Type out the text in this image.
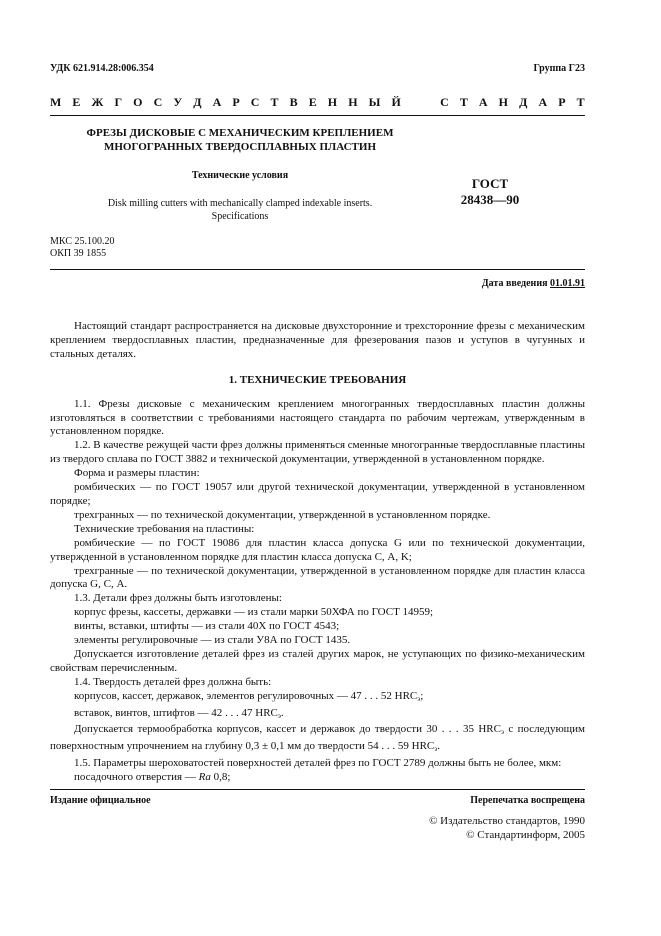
УДК 621.914.28:006.354	Группа Г23
М Е Ж Г О С У Д А Р С Т В Е Н Н Ы Й

	С Т А Н Д А Р Т
ФРЕЗЫ ДИСКОВЫЕ С МЕХАНИЧЕСКИМ КРЕПЛЕНИЕМ
МНОГОГРАННЫХ ТВЕРДОСПЛАВНЫХ ПЛАСТИН
Технические условия
Disk milling cutters with mechanically clamped indexable inserts.
Specifications
ГОСТ
28438—90
МКС 25.100.20
ОКП 39 1855
Дата введения 01.01.91

Настоящий стандарт распространяется на дисковые двухсторонние и трехсторонние фрезы с механическим креплением твердосплавных пластин, предназначенные для фрезерования пазов и уступов в чугунных и стальных деталях.

1. ТЕХНИЧЕСКИЕ ТРЕБОВАНИЯ

1.1. Фрезы дисковые с механическим креплением многогранных твердосплавных пластин должны изготовляться в соответствии с требованиями настоящего стандарта по рабочим чертежам, утвержденным в установленном порядке.

1.2. В качестве режущей части фрез должны применяться сменные многогранные твердосплавные пластины из твердого сплава по ГОСТ 3882 и технической документации, утвержденной в установленном порядке.

Форма и размеры пластин:

ромбических — по ГОСТ 19057 или другой технической документации, утвержденной в установленном порядке;

трехгранных — по технической документации, утвержденной в установленном порядке.

Технические требования на пластины:

ромбические — по ГОСТ 19086 для пластин класса допуска G или по технической документации, утвержденной в установленном порядке для пластин класса допуска С, А, K;

трехгранные — по технической документации, утвержденной в установленном порядке для пластин класса допуска G, С, А.

1.3. Детали фрез должны быть изготовлены:

корпус фрезы, кассеты, державки — из стали марки 50ХФА по ГОСТ 14959;

винты, вставки, штифты — из стали 40Х по ГОСТ 4543;

элементы регулировочные — из стали У8А по ГОСТ 1435.

Допускается изготовление деталей фрез из сталей других марок, не уступающих по физико-механическим свойствам перечисленным.

1.4. Твердость деталей фрез должна быть:

корпусов, кассет, державок, элементов регулировочных — 47 . . . 52 $HRC_э$;

вставок, винтов, штифтов — 42 . . . 47 $HRC_э$.

Допускается термообработка корпусов, кассет и державок до твердости 30 . . . 35 $HRC_э$ с последующим поверхностным упрочнением на глубину 0,3 ± 0,1 мм до твердости 54 . . . 59 $HRC_э$.

1.5. Параметры шероховатостей поверхностей деталей фрез по ГОСТ 2789 должны быть не более, мкм:

посадочного отверстия — Ra 0,8;

Издание официальное	Перепечатка воспрещена
© Издательство стандартов, 1990
© Стандартинформ, 2005
